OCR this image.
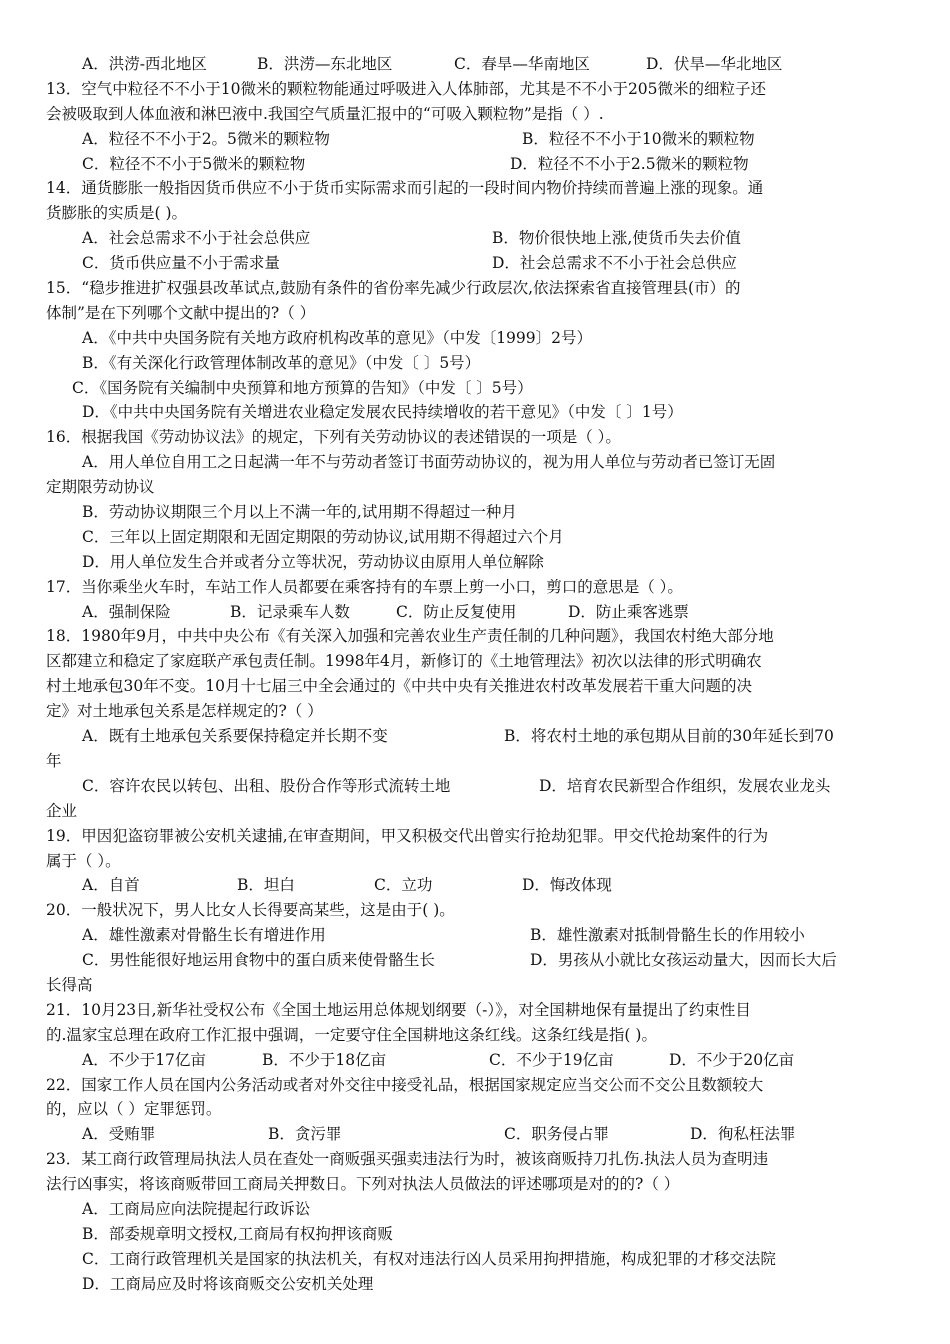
A．洪涝-西北地区	B．洪涝—东北地区	C．春旱—华南地区	D．伏旱—华北地区
13．空气中粒径不不小于10微米的颗粒物能通过呼吸进入人体肺部，尤其是不不小于205微米的细粒子还
会被吸取到人体血液和淋巴液中.我国空气质量汇报中的“可吸入颗粒物”是指（ ）.
A．粒径不不小于2。5微米的颗粒物	B．粒径不不小于10微米的颗粒物
C．粒径不不小于5微米的颗粒物	D．粒径不不小于2.5微米的颗粒物
14．通货膨胀一般指因货币供应不小于货币实际需求而引起的一段时间内物价持续而普遍上涨的现象。通
货膨胀的实质是( )。
A．社会总需求不小于社会总供应	B．物价很快地上涨,使货币失去价值
C．货币供应量不小于需求量	D．社会总需求不不小于社会总供应
15．“稳步推进扩权强县改革试点,鼓励有条件的省份率先减少行政层次,依法探索省直接管理县(市）的
体制”是在下列哪个文献中提出的?（ ）
A．《中共中央国务院有关地方政府机构改革的意见》（中发〔1999〕2号）
B．《有关深化行政管理体制改革的意见》（中发〔 〕5号）
C．《国务院有关编制中央预算和地方预算的告知》（中发〔 〕5号）
D．《中共中央国务院有关增进农业稳定发展农民持续增收的若干意见》（中发〔 〕1号）
16．根据我国《劳动协议法》的规定，下列有关劳动协议的表述错误的一项是（ ）。
A．用人单位自用工之日起满一年不与劳动者签订书面劳动协议的，视为用人单位与劳动者已签订无固
定期限劳动协议
B．劳动协议期限三个月以上不满一年的,试用期不得超过一种月
C．三年以上固定期限和无固定期限的劳动协议,试用期不得超过六个月
D．用人单位发生合并或者分立等状况，劳动协议由原用人单位解除
17．当你乘坐火车时，车站工作人员都要在乘客持有的车票上剪一小口，剪口的意思是（ ）。
A．强制保险	B．记录乘车人数	C．防止反复使用	D．防止乘客逃票
18．1980年9月，中共中央公布《有关深入加强和完善农业生产责任制的几种问题》，我国农村绝大部分地
区都建立和稳定了家庭联产承包责任制。1998年4月，新修订的《土地管理法》初次以法律的形式明确农
村土地承包30年不变。10月十七届三中全会通过的《中共中央有关推进农村改革发展若干重大问题的决
定》对土地承包关系是怎样规定的?（ ）
A．既有土地承包关系要保持稳定并长期不变	B．将农村土地的承包期从目前的30年延长到70
年
C．容许农民以转包、出租、股份合作等形式流转土地	D．培育农民新型合作组织，发展农业龙头
企业
19．甲因犯盗窃罪被公安机关逮捕,在审查期间，甲又积极交代出曾实行抢劫犯罪。甲交代抢劫案件的行为
属于（ ）。
A．自首	B．坦白	C．立功	D．悔改体现
20．一般状况下，男人比女人长得要高某些，这是由于( )。
A．雄性激素对骨骼生长有增进作用	B．雄性激素对抵制骨骼生长的作用较小
C．男性能很好地运用食物中的蛋白质来使骨骼生长	D．男孩从小就比女孩运动量大，因而长大后
长得高
21．10月23日,新华社受权公布《全国土地运用总体规划纲要（-）》，对全国耕地保有量提出了约束性目
的.温家宝总理在政府工作汇报中强调，一定要守住全国耕地这条红线。这条红线是指( )。
A．不少于17亿亩	B．不少于18亿亩	C．不少于19亿亩	D．不少于20亿亩
22．国家工作人员在国内公务活动或者对外交往中接受礼品，根据国家规定应当交公而不交公且数额较大
的，应以（ ）定罪惩罚。
A．受贿罪	B．贪污罪	C．职务侵占罪	D．徇私枉法罪
23．某工商行政管理局执法人员在查处一商贩强买强卖违法行为时，被该商贩持刀扎伤.执法人员为查明违
法行凶事实，将该商贩带回工商局关押数日。下列对执法人员做法的评述哪项是对的的?（ ）
A．工商局应向法院提起行政诉讼
B．部委规章明文授权,工商局有权拘押该商贩
C．工商行政管理机关是国家的执法机关，有权对违法行凶人员采用拘押措施，构成犯罪的才移交法院
D．工商局应及时将该商贩交公安机关处理
